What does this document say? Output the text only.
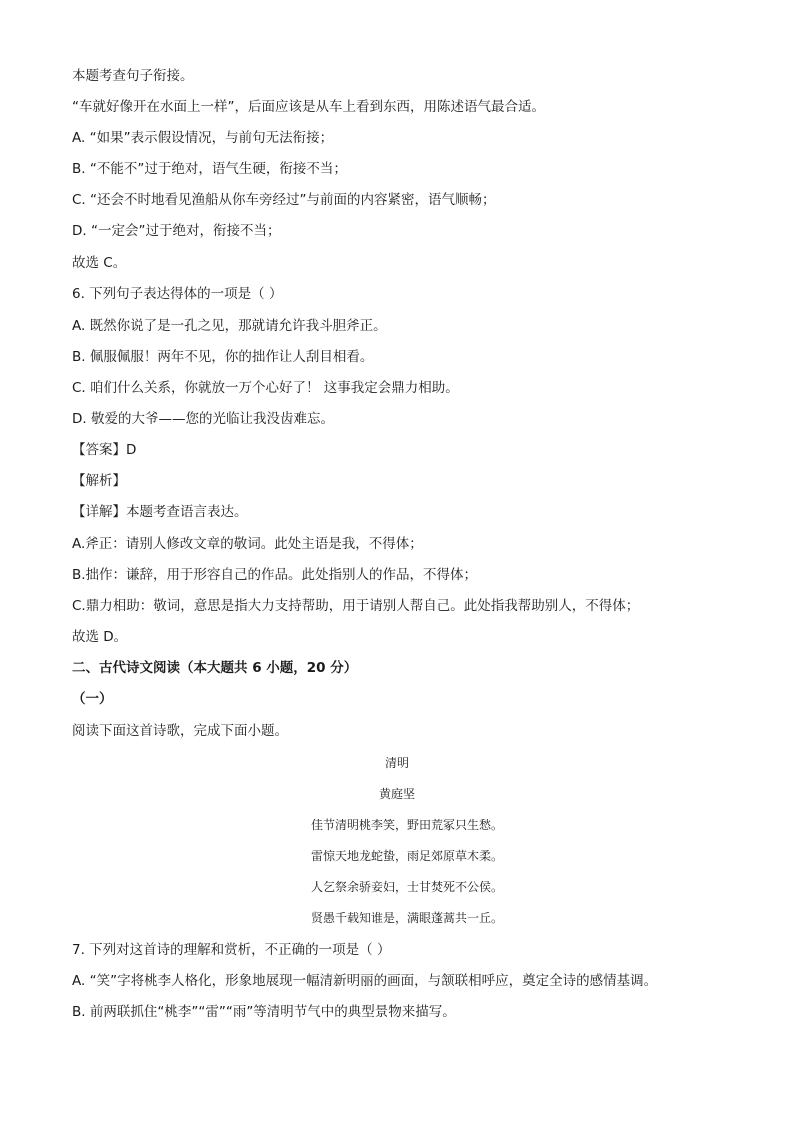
本题考查句子衔接。
“车就好像开在水面上一样”，后面应该是从车上看到东西，用陈述语气最合适。
A. “如果”表示假设情况，与前句无法衔接；
B. “不能不”过于绝对，语气生硬，衔接不当；
C. “还会不时地看见渔船从你车旁经过”与前面的内容紧密，语气顺畅；
D. “一定会”过于绝对，衔接不当；
故选 C。
6. 下列句子表达得体的一项是（ ）
A. 既然你说了是一孔之见，那就请允许我斗胆斧正。
B. 佩服佩服！两年不见，你的拙作让人刮目相看。
C. 咱们什么关系，你就放一万个心好了！ 这事我定会鼎力相助。
D. 敬爱的大爷——您的光临让我没齿难忘。
【答案】D
【解析】
【详解】本题考查语言表达。
A.斧正：请别人修改文章的敬词。此处主语是我，不得体；
B.拙作：谦辞，用于形容自己的作品。此处指别人的作品，不得体；
C.鼎力相助：敬词，意思是指大力支持帮助，用于请别人帮自己。此处指我帮助别人，不得体；
故选 D。
二、古代诗文阅读（本大题共 6 小题，20 分）
（一）
阅读下面这首诗歌，完成下面小题。
清明
黄庭坚
佳节清明桃李笑，野田荒冢只生愁。
雷惊天地龙蛇蛰，雨足郊原草木柔。
人乞祭余骄妾妇，士甘焚死不公侯。
贤愚千载知谁是，满眼蓬蒿共一丘。
7. 下列对这首诗的理解和赏析，不正确的一项是（ ）
A. “笑”字将桃李人格化，形象地展现一幅清新明丽的画面，与颔联相呼应，奠定全诗的感情基调。
B. 前两联抓住“桃李”“雷”“雨”等清明节气中的典型景物来描写。
